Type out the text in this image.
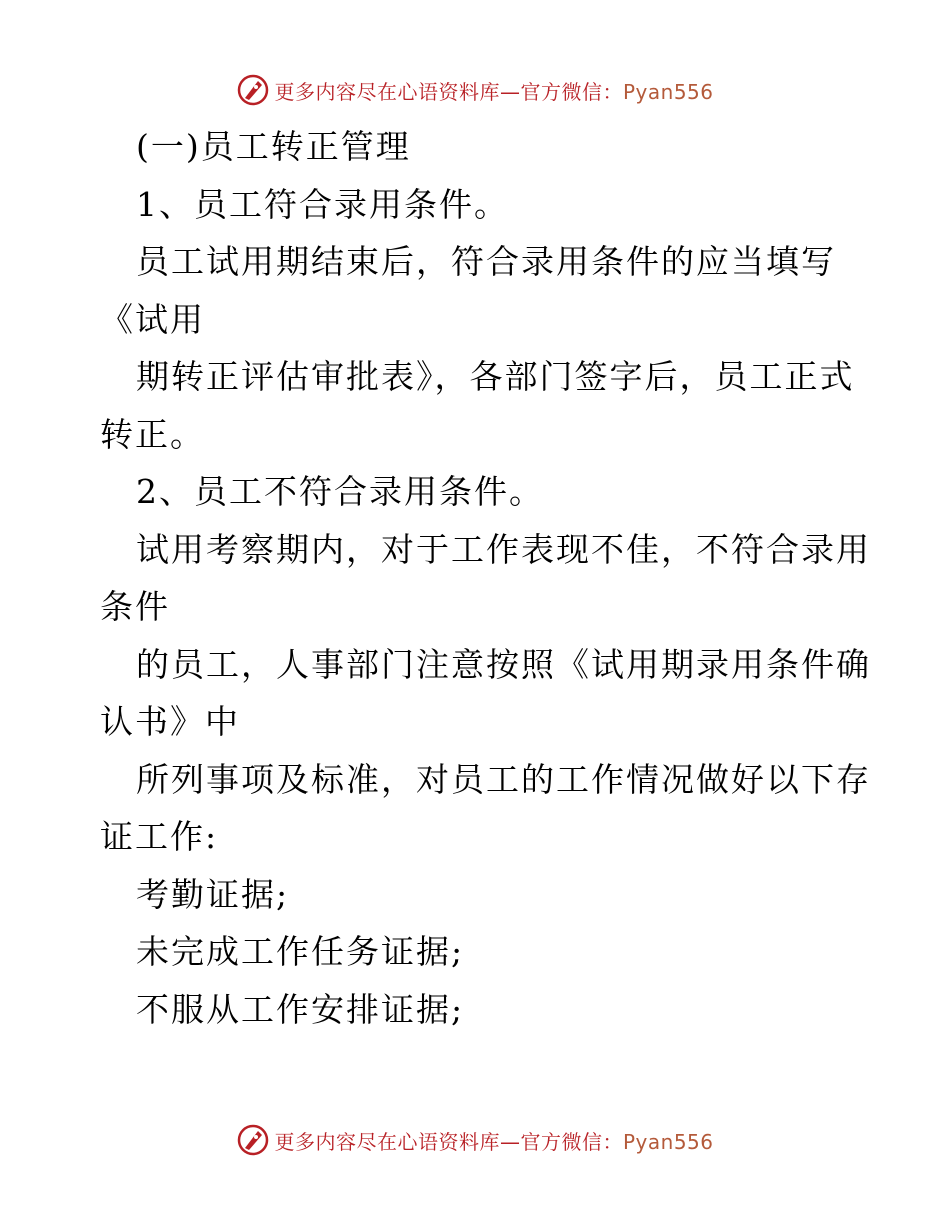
更多内容尽在心语资料库—官方微信：Pyan556
(一)员工转正管理
1、员工符合录用条件。
员工试用期结束后，符合录用条件的应当填写
《试用
期转正评估审批表》，各部门签字后，员工正式
转正。
2、员工不符合录用条件。
试用考察期内，对于工作表现不佳，不符合录用
条件
的员工，人事部门注意按照《试用期录用条件确
认书》中
所列事项及标准，对员工的工作情况做好以下存
证工作:
考勤证据;
未完成工作任务证据;
不服从工作安排证据;
更多内容尽在心语资料库—官方微信：Pyan556
